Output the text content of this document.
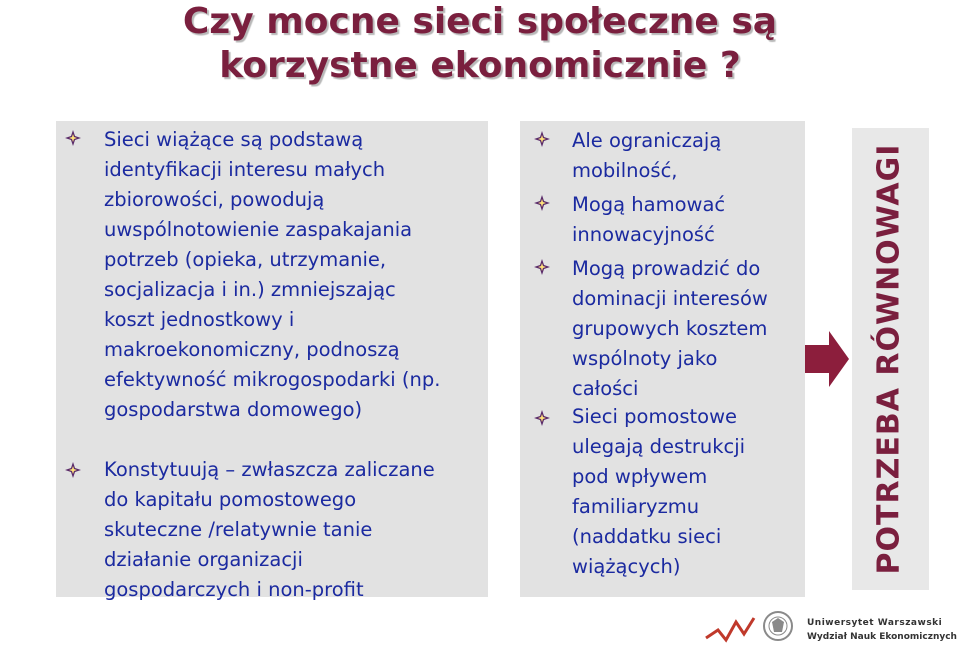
Czy mocne sieci społeczne są
korzystne ekonomicznie ?
Sieci wiążące są podstawą
identyfikacji interesu małych
zbiorowości, powodują
uwspólnotowienie zaspakajania
potrzeb (opieka, utrzymanie,
socjalizacja i in.) zmniejszając
koszt jednostkowy i
makroekonomiczny, podnoszą
efektywność mikrogospodarki (np.
gospodarstwa domowego)
Konstytuują – zwłaszcza zaliczane
do kapitału pomostowego
skuteczne /relatywnie tanie
działanie organizacji
gospodarczych i non-profit
Ale ograniczają
mobilność,
Mogą hamować
innowacyjność
Mogą prowadzić do
dominacji interesów
grupowych kosztem
wspólnoty jako
całości
Sieci pomostowe
ulegają destrukcji
pod wpływem
familiaryzmu
(naddatku sieci
wiążących)	POTRZEBA RÓWNOWAGI
Uniwersytet Warszawski
Wydział Nauk Ekonomicznych
